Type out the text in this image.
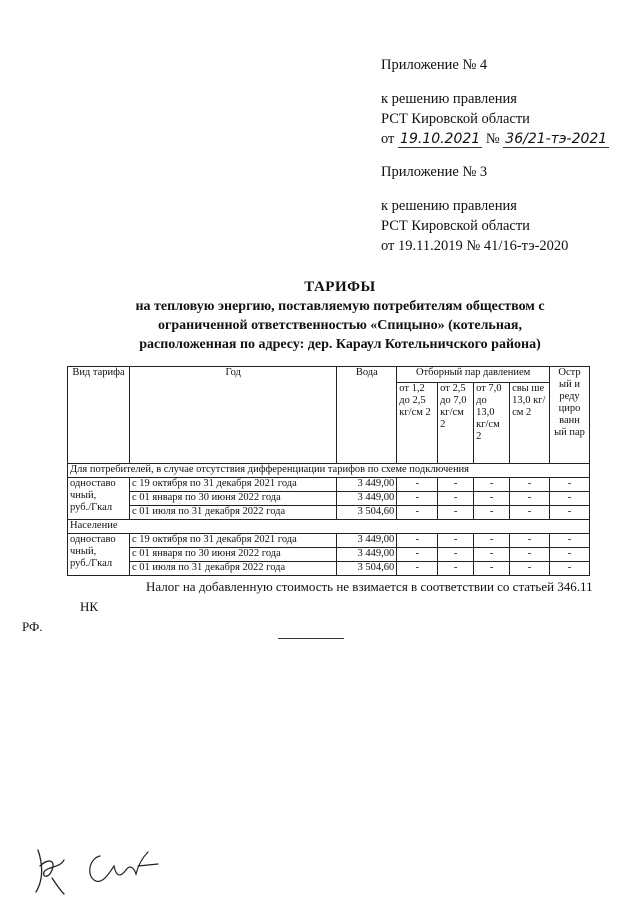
Приложение № 4

к решению правления

РСТ Кировской области

от 19.10.2021 № 36/21-тэ-2021

Приложение № 3

к решению правления

РСТ Кировской области

от 19.11.2019 № 41/16-тэ-2020

ТАРИФЫ
на тепловую энергию, поставляемую потребителям обществом с
ограниченной ответственностью «Спицыно» (котельная,
расположенная по адресу: дер. Караул Котельничского района)
Вид тарифа	Год	Вода	Отборный пар давлением				Остр ый и реду циро ванн ый пар
			от 1,2 до 2,5 кг/см 2	от 2,5 до 7,0 кг/см 2	от 7,0 до 13,0 кг/см 2	свы ше 13,0 кг/см 2	
Для потребителей, в случае отсутствия дифференциации тарифов по схеме подключения							

одноставо
чный,
руб./Гкал	с 19 октября по 31 декабря 2021 года	3 449,00	-	-	-	-	-
	с 01 января по 30 июня 2022 года	3 449,00	-	-	-	-	-
	с 01 июля по 31 декабря 2022 года	3 504,60	-	-	-	-	-
Население							

одноставо
чный,
руб./Гкал	с 19 октября по 31 декабря 2021 года	3 449,00	-	-	-	-	-
	с 01 января по 30 июня 2022 года	3 449,00	-	-	-	-	-
	с 01 июля по 31 декабря 2022 года	3 504,60	-	-	-	-	-

Налог на добавленную стоимость не взимается в соответствии со статьей 346.11 НК
РФ.
